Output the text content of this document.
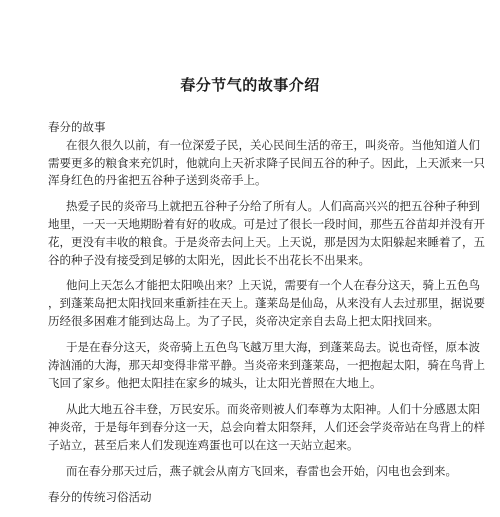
春分节气的故事介绍
春分的故事
在很久很久以前，有一位深爱子民，关心民间生活的帝王，叫炎帝。当他知道人们
需要更多的粮食来充饥时，他就向上天祈求降子民间五谷的种子。因此，上天派来一只
浑身红色的丹雀把五谷种子送到炎帝手上。
热爱子民的炎帝马上就把五谷种子分给了所有人。人们高高兴兴的把五谷种子种到
地里，一天一天地期盼着有好的收成。可是过了很长一段时间，那些五谷苗却并没有开
花，更没有丰收的粮食。于是炎帝去问上天。上天说，那是因为太阳躲起来睡着了，五
谷的种子没有接受到足够的太阳光，因此长不出花长不出果来。
他问上天怎么才能把太阳唤出来？上天说，需要有一个人在春分这天，骑上五色鸟
，到蓬莱岛把太阳找回来重新挂在天上。蓬莱岛是仙岛，从来没有人去过那里，据说要
历经很多困难才能到达岛上。为了子民，炎帝决定亲自去岛上把太阳找回来。
于是在春分这天，炎帝骑上五色鸟飞越万里大海，到蓬莱岛去。说也奇怪，原本波
涛汹涌的大海，那天却变得非常平静。当炎帝来到蓬莱岛，一把抱起太阳，骑在鸟背上
飞回了家乡。他把太阳挂在家乡的城头，让太阳光普照在大地上。
从此大地五谷丰登，万民安乐。而炎帝则被人们奉尊为太阳神。人们十分感恩太阳
神炎帝，于是每年到春分这一天，总会向着太阳祭拜，人们还会学炎帝站在鸟背上的样
子站立，甚至后来人们发现连鸡蛋也可以在这一天站立起来。
而在春分那天过后，燕子就会从南方飞回来，春雷也会开始，闪电也会到来。
春分的传统习俗活动
